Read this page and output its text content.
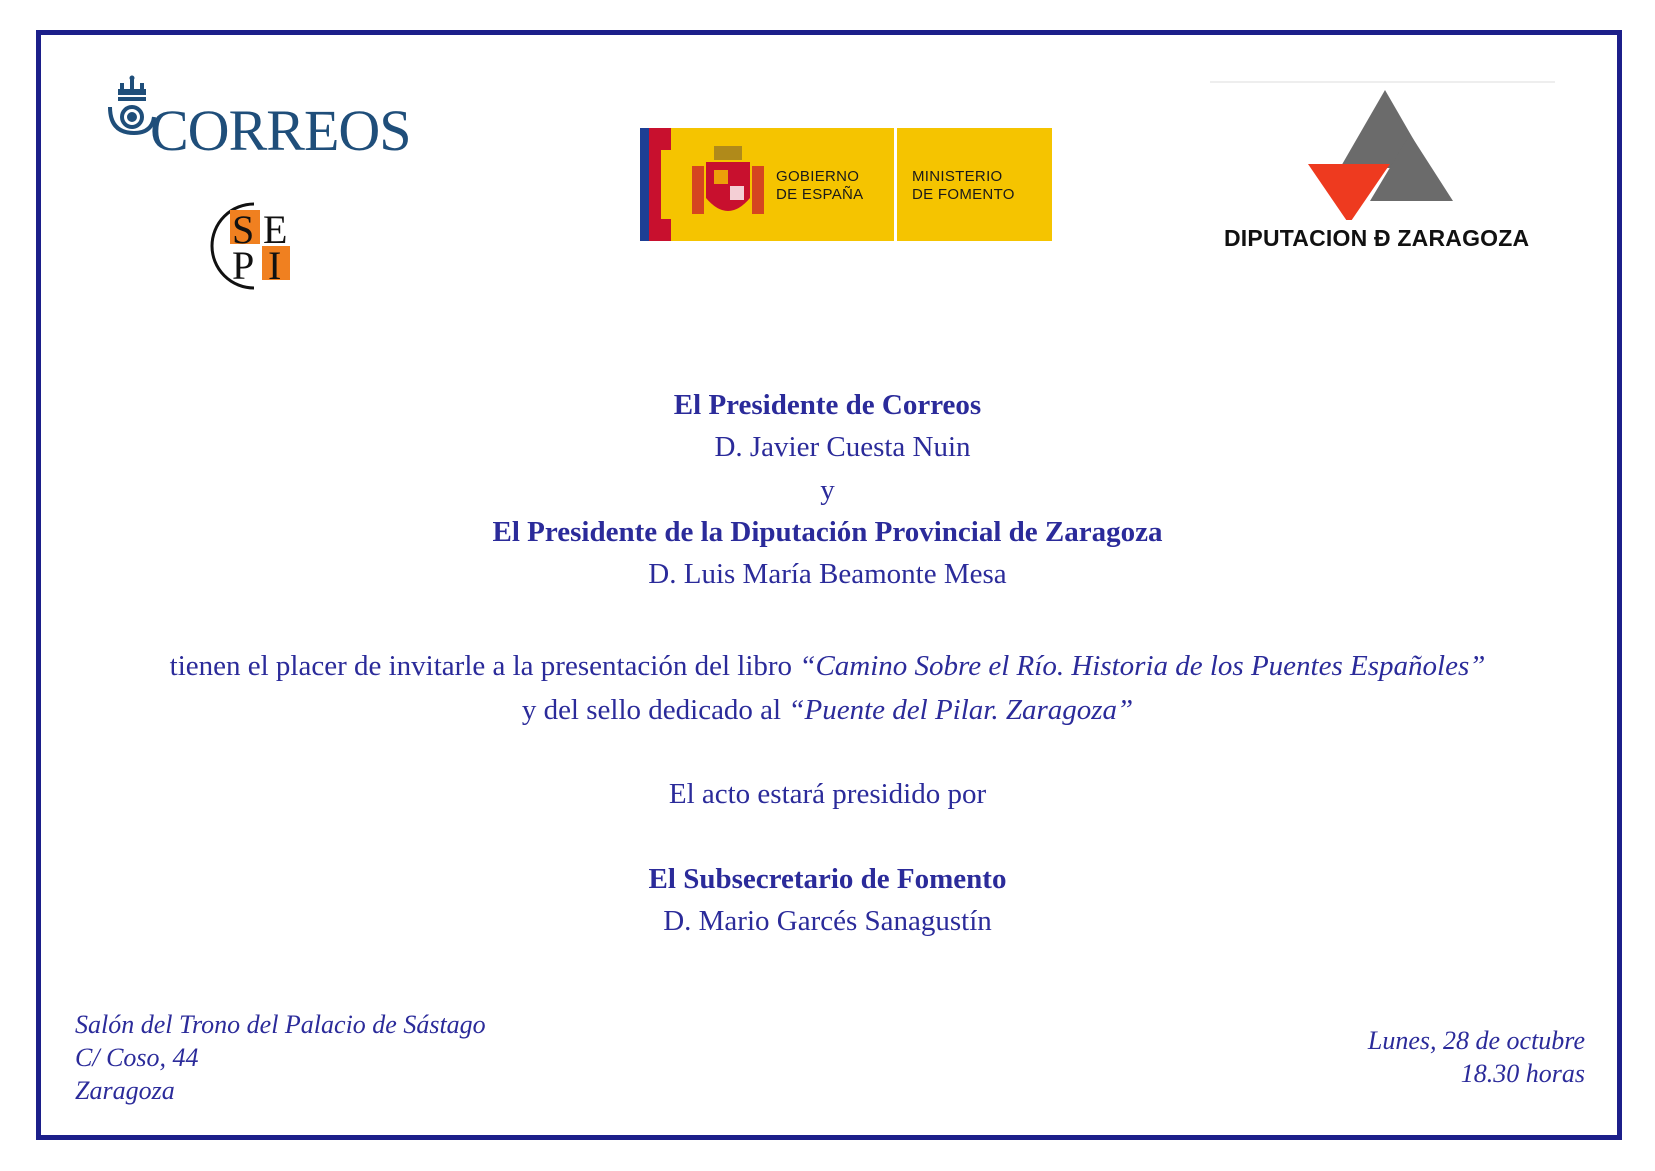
CORREOS
S E
P I
GOBIERNO
DE ESPAÑA
MINISTERIO
DE FOMENTO
DIPUTACION Ð ZARAGOZA
El Presidente de Correos
D. Javier Cuesta Nuin
y
El Presidente de la Diputación Provincial de Zaragoza
D. Luis María Beamonte Mesa
tienen el placer de invitarle a la presentación del libro “Camino Sobre el Río. Historia de los Puentes Españoles”
y del sello dedicado al “Puente del Pilar. Zaragoza”
El acto estará presidido por
El Subsecretario de Fomento
D. Mario Garcés Sanagustín
Salón del Trono del Palacio de Sástago
C/ Coso, 44
Zaragoza
Lunes, 28 de octubre
18.30 horas
